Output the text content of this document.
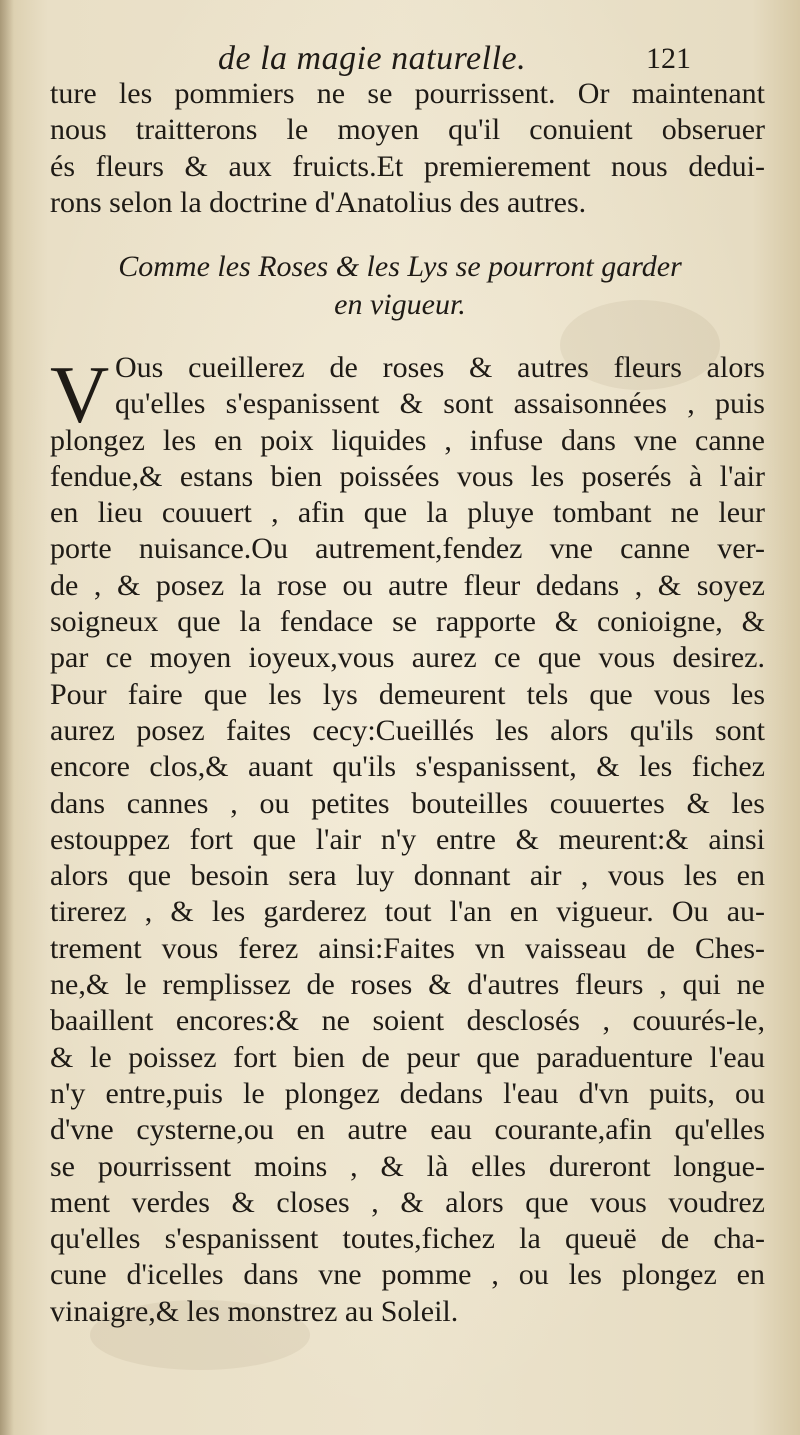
de la magie naturelle.	121
ture les pommiers ne se pourrissent. Or maintenant
nous traitterons le moyen qu'il conuient obseruer
és fleurs & aux fruicts.Et premierement nous dedui-
rons selon la doctrine d'Anatolius des autres.
Comme les Roses & les Lys se pourront garder
en vigueur.
V Ous cueillerez de roses & autres fleurs alors
qu'elles s'espanissent & sont assaisonnées , puis
plongez les en poix liquides , infuse dans vne canne
fendue,& estans bien poissées vous les poserés à l'air
en lieu couuert , afin que la pluye tombant ne leur
porte nuisance.Ou autrement,fendez vne canne ver-
de , & posez la rose ou autre fleur dedans , & soyez
soigneux que la fendace se rapporte & conioigne, &
par ce moyen ioyeux,vous aurez ce que vous desirez.
Pour faire que les lys demeurent tels que vous les
aurez posez faites cecy:Cueillés les alors qu'ils sont
encore clos,& auant qu'ils s'espanissent, & les fichez
dans cannes , ou petites bouteilles couuertes & les
estouppez fort que l'air n'y entre & meurent:& ainsi
alors que besoin sera luy donnant air , vous les en
tirerez , & les garderez tout l'an en vigueur. Ou au-
trement vous ferez ainsi:Faites vn vaisseau de Ches-
ne,& le remplissez de roses & d'autres fleurs , qui ne
baaillent encores:& ne soient desclosés , couurés-le,
& le poissez fort bien de peur que paraduenture l'eau
n'y entre,puis le plongez dedans l'eau d'vn puits, ou
d'vne cysterne,ou en autre eau courante,afin qu'elles
se pourrissent moins , & là elles dureront longue-
ment verdes & closes , & alors que vous voudrez
qu'elles s'espanissent toutes,fichez la queuë de cha-
cune d'icelles dans vne pomme , ou les plongez en
vinaigre,& les monstrez au Soleil.
